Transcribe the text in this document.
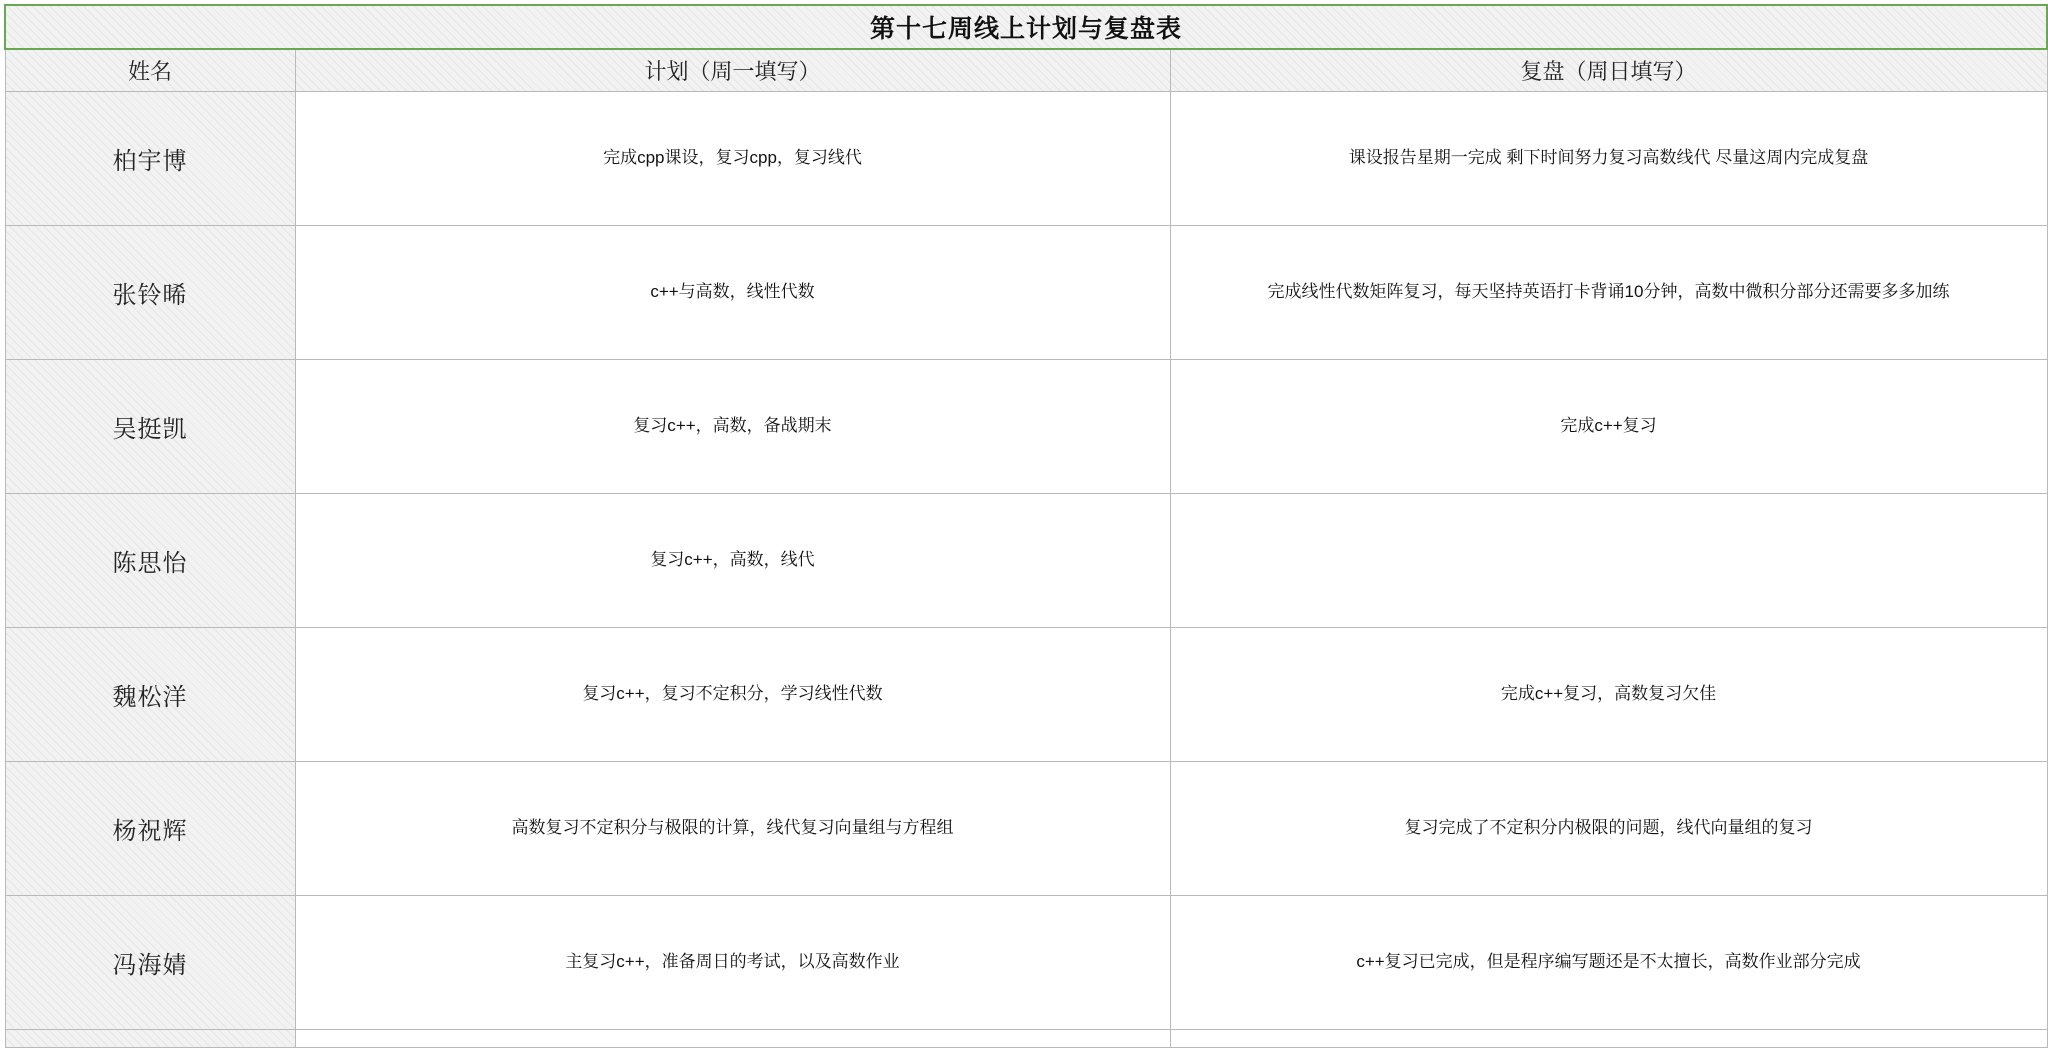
第十七周线上计划与复盘表		
姓名	计划（周一填写）	复盘（周日填写）
柏宇博	完成cpp课设，复习cpp，复习线代	课设报告星期一完成 剩下时间努力复习高数线代 尽量这周内完成复盘
张铃晞	c++与高数，线性代数	完成线性代数矩阵复习，每天坚持英语打卡背诵10分钟，高数中微积分部分还需要多多加练
吴挺凯	复习c++，高数，备战期末	完成c++复习
陈思怡	复习c++，高数，线代	
魏松洋	复习c++，复习不定积分，学习线性代数	完成c++复习，高数复习欠佳
杨祝辉	高数复习不定积分与极限的计算，线代复习向量组与方程组	复习完成了不定积分内极限的问题，线代向量组的复习
冯海婧	主复习c++，准备周日的考试，以及高数作业	c++复习已完成，但是程序编写题还是不太擅长，高数作业部分完成
